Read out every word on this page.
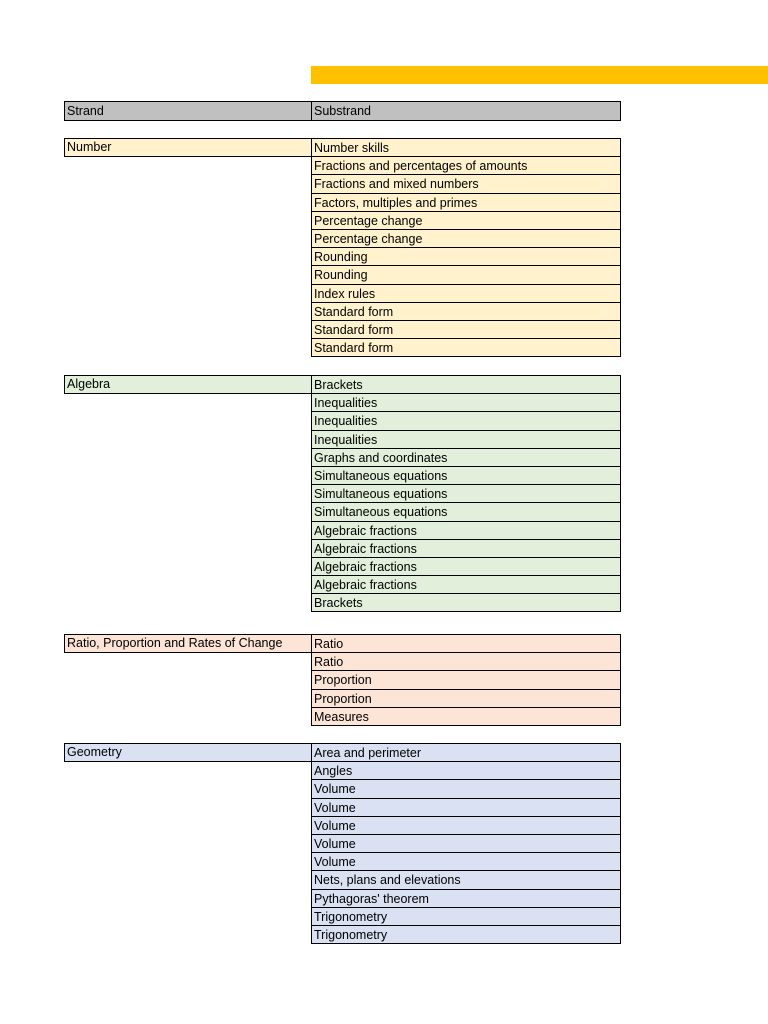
Strand	Substrand
Number	Number skills
Fractions and percentages of amounts
Fractions and mixed numbers
Factors, multiples and primes
Percentage change
Percentage change
Rounding
Rounding
Index rules
Standard form
Standard form
Standard form
Algebra	Brackets
Inequalities
Inequalities
Inequalities
Graphs and coordinates
Simultaneous equations
Simultaneous equations
Simultaneous equations
Algebraic fractions
Algebraic fractions
Algebraic fractions
Algebraic fractions
Brackets
Ratio, Proportion and Rates of Change	Ratio
Ratio
Proportion
Proportion
Measures
Geometry	Area and perimeter
Angles
Volume
Volume
Volume
Volume
Volume
Nets, plans and elevations
Pythagoras' theorem
Trigonometry
Trigonometry
